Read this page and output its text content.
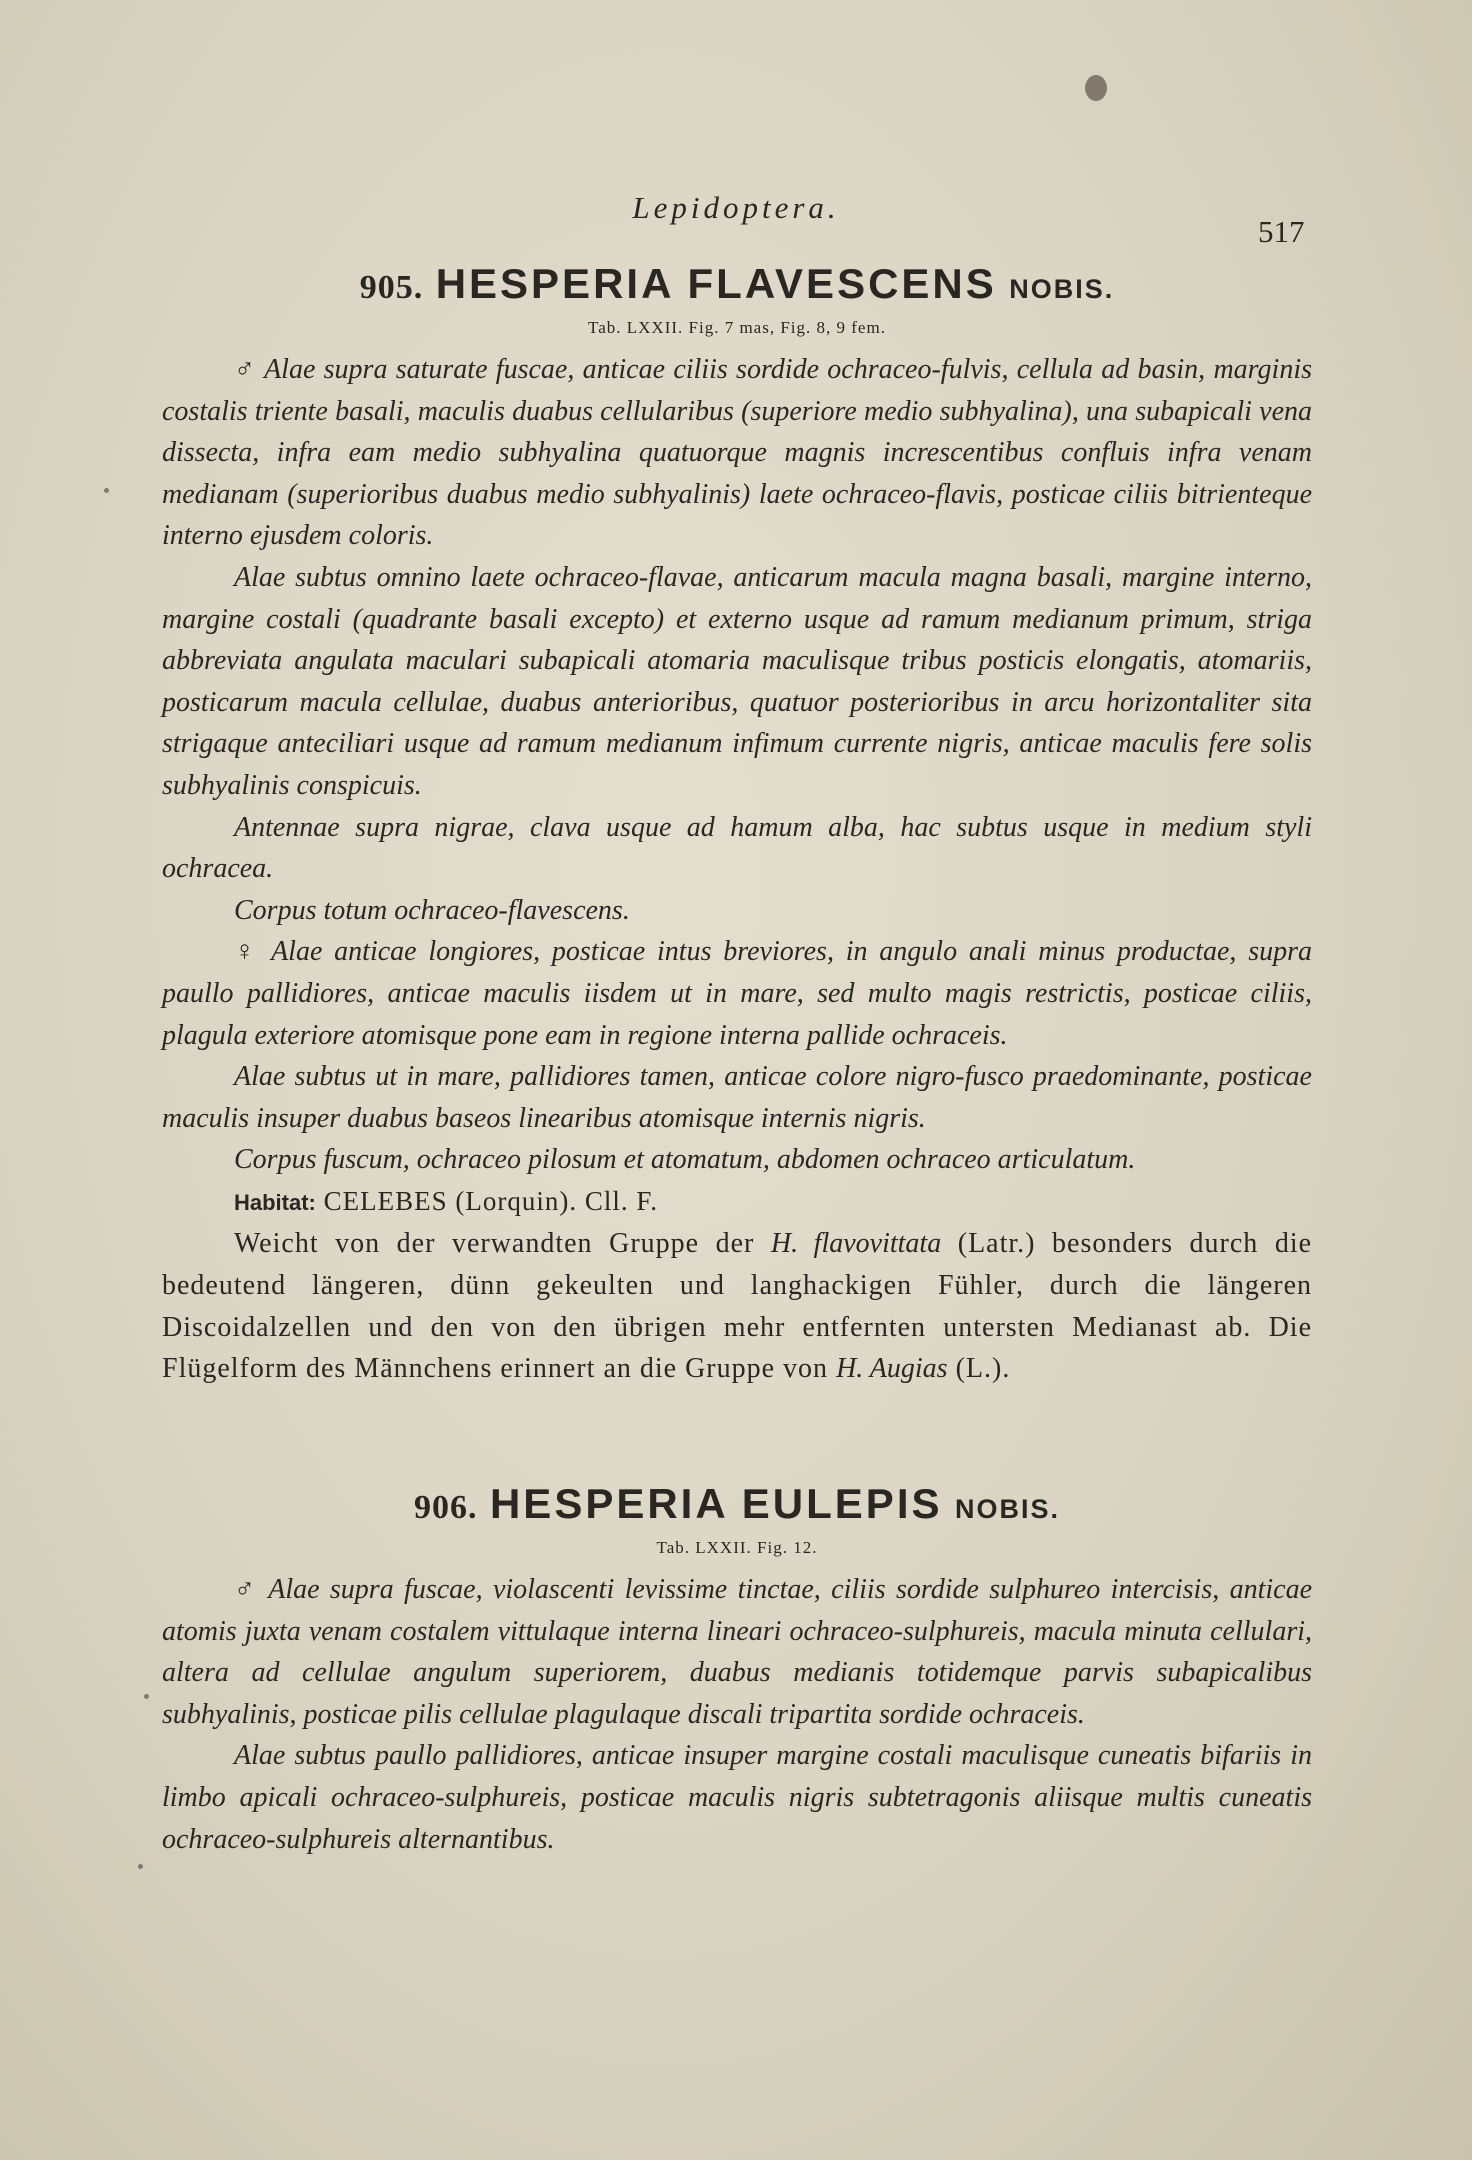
Lepidoptera.
517
905. HESPERIA FLAVESCENS NOBIS.
Tab. LXXII. Fig. 7 mas, Fig. 8, 9 fem.

♂ Alae supra saturate fuscae, anticae ciliis sordide ochraceo-fulvis, cellula ad basin, marginis costalis triente basali, maculis duabus cellularibus (superiore medio subhyalina), una subapicali vena dissecta, infra eam medio subhyalina quatuorque magnis increscentibus confluis infra venam medianam (superioribus duabus medio subhyalinis) laete ochraceo-flavis, posticae ciliis bitrienteque interno ejusdem coloris.

Alae subtus omnino laete ochraceo-flavae, anticarum macula magna basali, margine interno, margine costali (quadrante basali excepto) et externo usque ad ramum medianum primum, striga abbreviata angulata maculari subapicali atomaria maculisque tribus posticis elongatis, atomariis, posticarum macula cellulae, duabus anterioribus, quatuor posterioribus in arcu horizontaliter sita strigaque anteciliari usque ad ramum medianum infimum currente nigris, anticae maculis fere solis subhyalinis conspicuis.

Antennae supra nigrae, clava usque ad hamum alba, hac subtus usque in medium styli ochracea.

Corpus totum ochraceo-flavescens.

♀ Alae anticae longiores, posticae intus breviores, in angulo anali minus productae, supra paullo pallidiores, anticae maculis iisdem ut in mare, sed multo magis restrictis, posticae ciliis, plagula exteriore atomisque pone eam in regione interna pallide ochraceis.

Alae subtus ut in mare, pallidiores tamen, anticae colore nigro-fusco praedominante, posticae maculis insuper duabus baseos linearibus atomisque internis nigris.

Corpus fuscum, ochraceo pilosum et atomatum, abdomen ochraceo articulatum.

Habitat: CELEBES (Lorquin). Cll. F.

Weicht von der verwandten Gruppe der H. flavovittata (Latr.) besonders durch die bedeutend längeren, dünn gekeulten und langhackigen Fühler, durch die längeren Discoidalzellen und den von den übrigen mehr entfernten untersten Medianast ab. Die Flügelform des Männchens erinnert an die Gruppe von H. Augias (L.).

906. HESPERIA EULEPIS NOBIS.
Tab. LXXII. Fig. 12.

♂ Alae supra fuscae, violascenti levissime tinctae, ciliis sordide sulphureo intercisis, anticae atomis juxta venam costalem vittulaque interna lineari ochraceo-sulphureis, macula minuta cellulari, altera ad cellulae angulum superiorem, duabus medianis totidemque parvis subapicalibus subhyalinis, posticae pilis cellulae plagulaque discali tripartita sordide ochraceis.

Alae subtus paullo pallidiores, anticae insuper margine costali maculisque cuneatis bifariis in limbo apicali ochraceo-sulphureis, posticae maculis nigris subtetragonis aliisque multis cuneatis ochraceo-sulphureis alternantibus.
